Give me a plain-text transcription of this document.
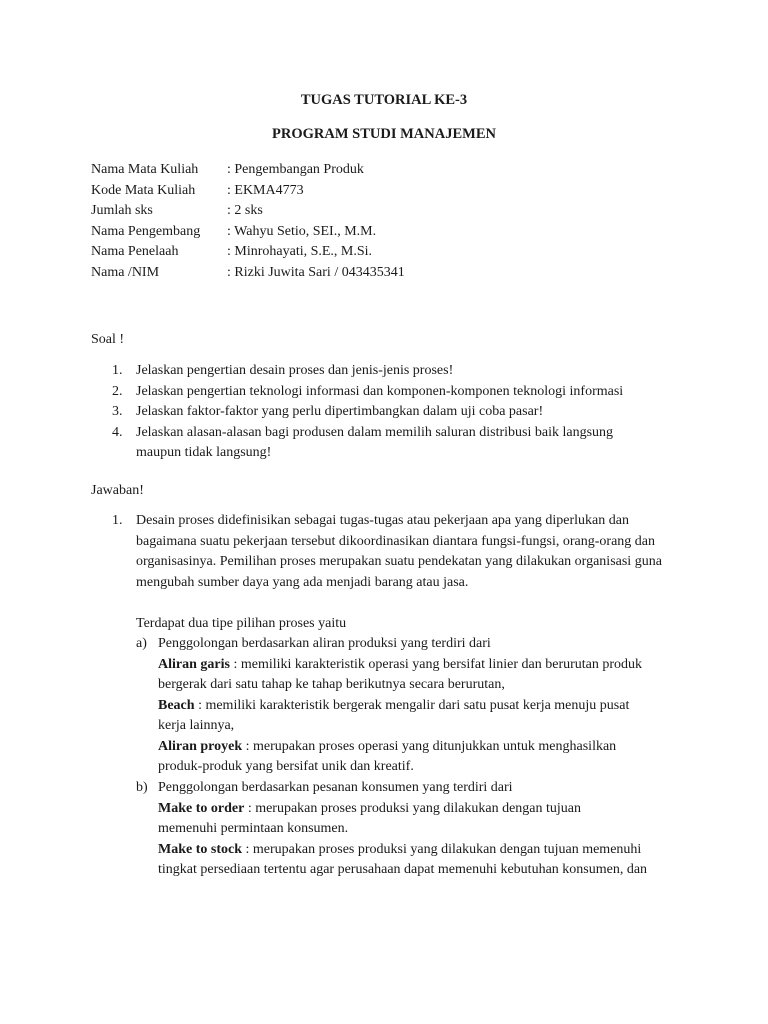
TUGAS TUTORIAL KE-3
PROGRAM STUDI MANAJEMEN
Nama Mata Kuliah : Pengembangan Produk
Kode Mata Kuliah : EKMA4773
Jumlah sks	: 2 sks
Nama Pengembang : Wahyu Setio, SEI., M.M.
Nama Penelaah	: Minrohayati, S.E., M.Si.
Nama /NIM	: Rizki Juwita Sari / 043435341
Soal !
1. Jelaskan pengertian desain proses dan jenis-jenis proses!
2. Jelaskan pengertian teknologi informasi dan komponen-komponen teknologi informasi
3. Jelaskan faktor-faktor yang perlu dipertimbangkan dalam uji coba pasar!
4. Jelaskan alasan-alasan bagi produsen dalam memilih saluran distribusi baik langsung maupun tidak langsung!
Jawaban!
1. Desain proses didefinisikan sebagai tugas-tugas atau pekerjaan apa yang diperlukan dan bagaimana suatu pekerjaan tersebut dikoordinasikan diantara fungsi-fungsi, orang-orang dan organisasinya. Pemilihan proses merupakan suatu pendekatan yang dilakukan organisasi guna mengubah sumber daya yang ada menjadi barang atau jasa.
Terdapat dua tipe pilihan proses yaitu
a) Penggolongan berdasarkan aliran produksi yang terdiri dari
Aliran garis : memiliki karakteristik operasi yang bersifat linier dan berurutan produk bergerak dari satu tahap ke tahap berikutnya secara berurutan,
Beach : memiliki karakteristik bergerak mengalir dari satu pusat kerja menuju pusat kerja lainnya,
Aliran proyek : merupakan proses operasi yang ditunjukkan untuk menghasilkan produk-produk yang bersifat unik dan kreatif.
b) Penggolongan berdasarkan pesanan konsumen yang terdiri dari
Make to order : merupakan proses produksi yang dilakukan dengan tujuan memenuhi permintaan konsumen.
Make to stock : merupakan proses produksi yang dilakukan dengan tujuan memenuhi tingkat persediaan tertentu agar perusahaan dapat memenuhi kebutuhan konsumen, dan
